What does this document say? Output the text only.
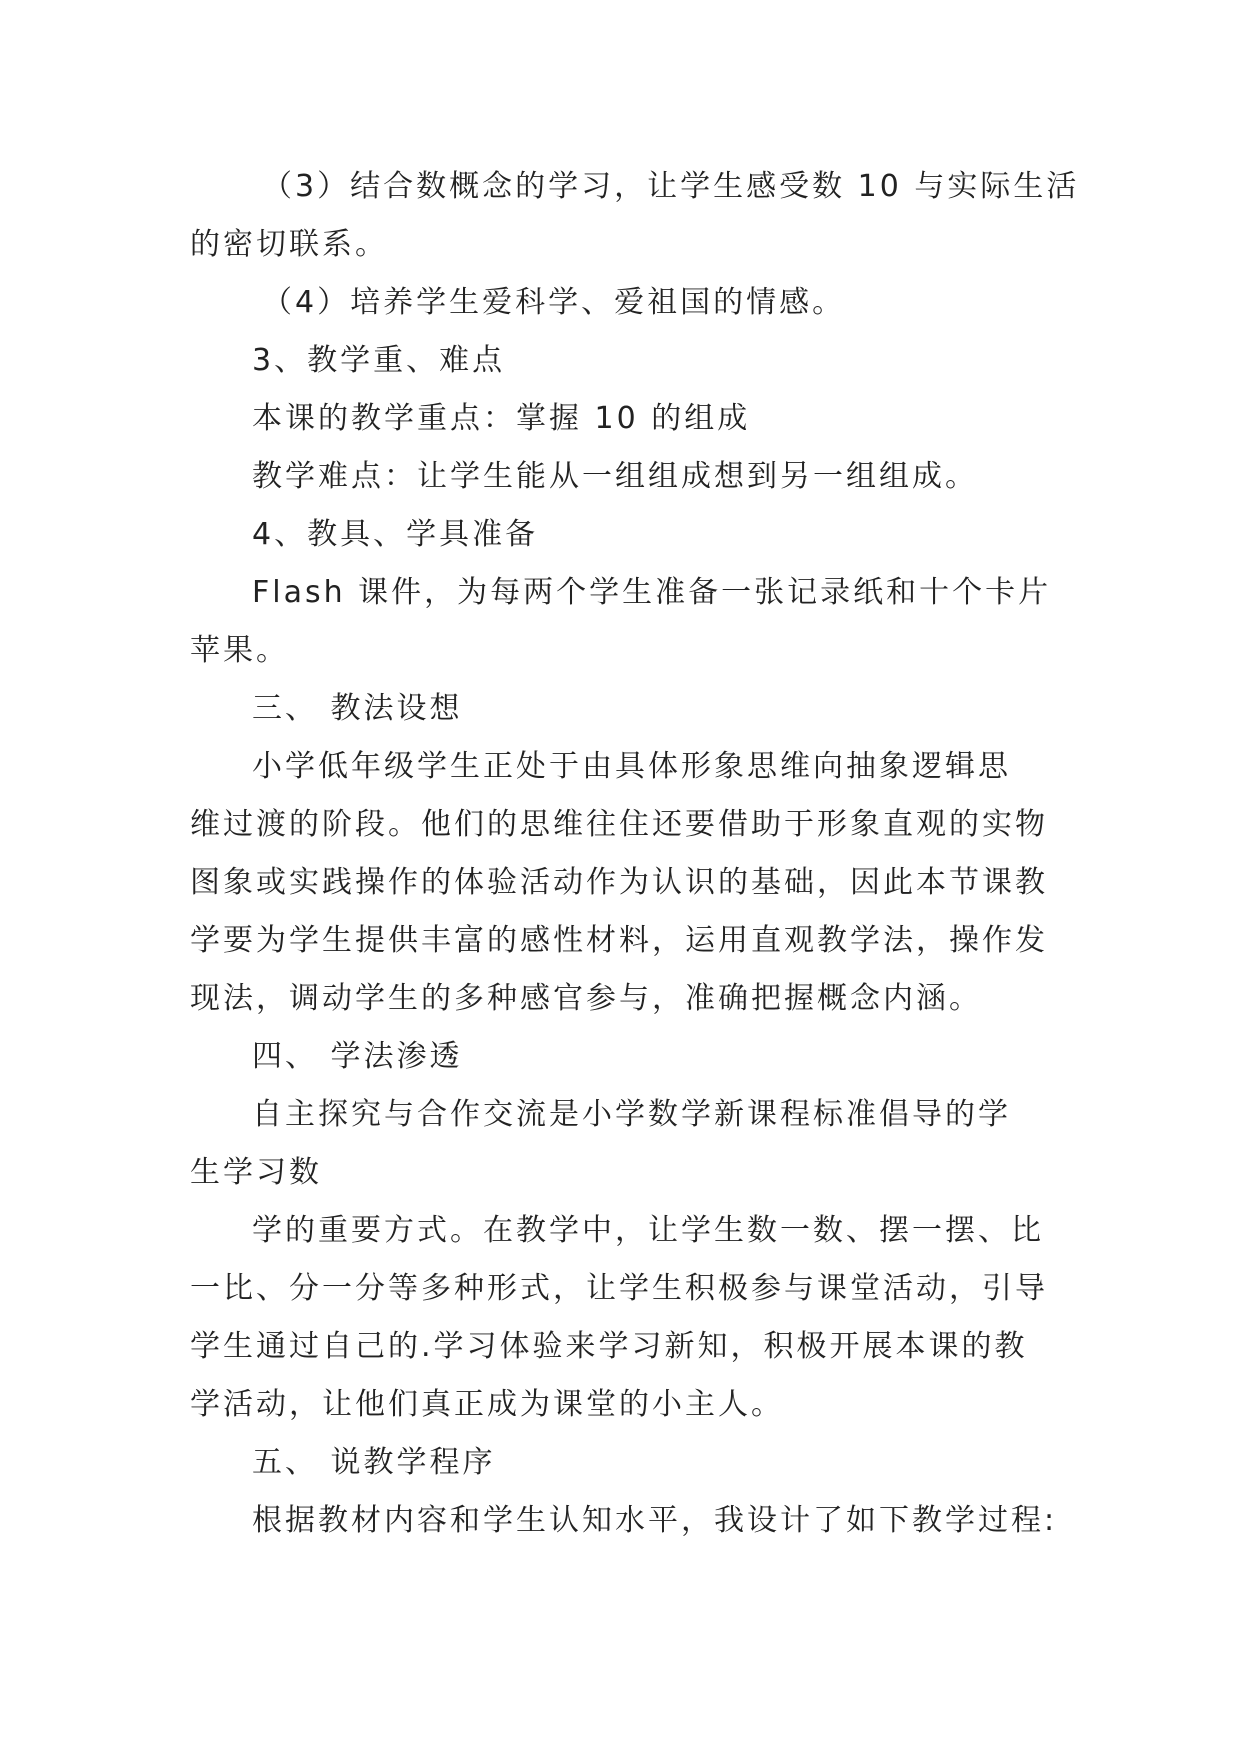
（3）结合数概念的学习，让学生感受数 10 与实际生活
的密切联系。
（4）培养学生爱科学、爱祖国的情感。
3、教学重、难点
本课的教学重点：掌握 10 的组成
教学难点：让学生能从一组组成想到另一组组成。
4、教具、学具准备
Flash 课件，为每两个学生准备一张记录纸和十个卡片
苹果。
三、 教法设想
小学低年级学生正处于由具体形象思维向抽象逻辑思
维过渡的阶段。他们的思维往住还要借助于形象直观的实物
图象或实践操作的体验活动作为认识的基础，因此本节课教
学要为学生提供丰富的感性材料，运用直观教学法，操作发
现法，调动学生的多种感官参与，准确把握概念内涵。
四、 学法渗透
自主探究与合作交流是小学数学新课程标准倡导的学
生学习数
学的重要方式。在教学中，让学生数一数、摆一摆、比
一比、分一分等多种形式，让学生积极参与课堂活动，引导
学生通过自己的.学习体验来学习新知，积极开展本课的教
学活动，让他们真正成为课堂的小主人。
五、 说教学程序
根据教材内容和学生认知水平，我设计了如下教学过程:
